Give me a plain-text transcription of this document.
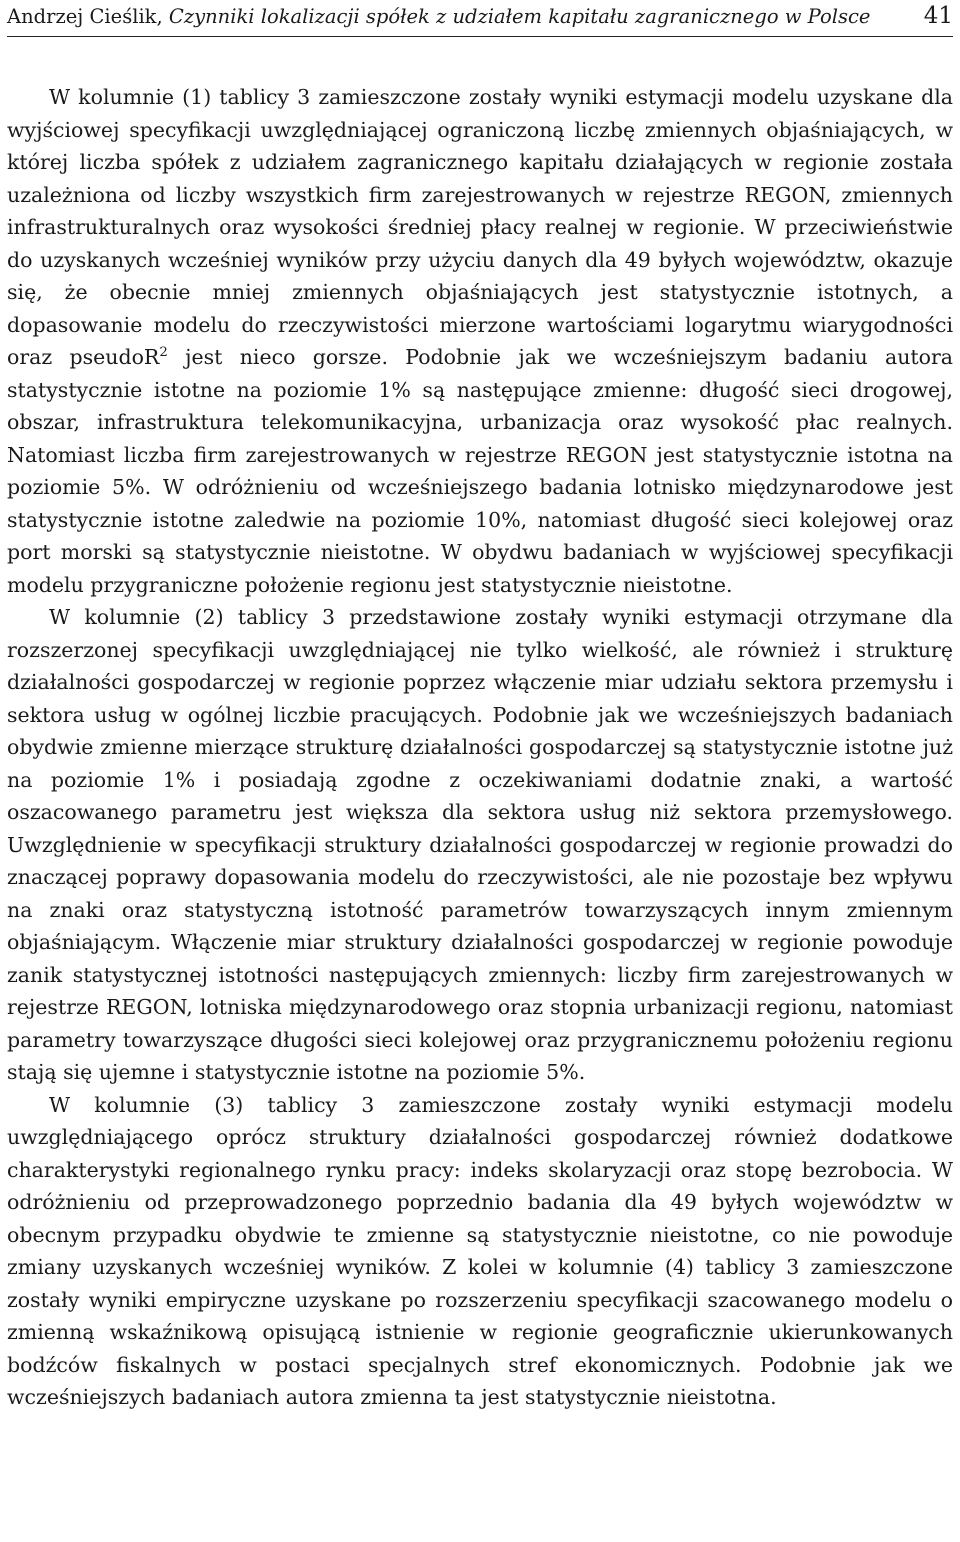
Andrzej Cieślik, Czynniki lokalizacji spółek z udziałem kapitału zagranicznego w Polsce 41

W kolumnie (1) tablicy 3 zamieszczone zostały wyniki estymacji modelu uzyskane dla wyjściowej specyfikacji uwzględniającej ograniczoną liczbę zmiennych objaśniających, w której liczba spółek z udziałem zagranicznego kapitału działających w regionie została uzależniona od liczby wszystkich firm zarejestrowanych w rejestrze REGON, zmiennych infrastrukturalnych oraz wysokości średniej płacy realnej w regionie. W przeciwieństwie do uzyskanych wcześniej wyników przy użyciu danych dla 49 byłych województw, okazuje się, że obecnie mniej zmiennych objaśniających jest statystycznie istotnych, a dopasowanie modelu do rzeczywistości mierzone wartościami logarytmu wiarygodności oraz pseudoR$^2$ jest nieco gorsze. Podobnie jak we wcześniejszym badaniu autora statystycznie istotne na poziomie 1% są następujące zmienne: długość sieci drogowej, obszar, infrastruktura telekomunikacyjna, urbanizacja oraz wysokość płac realnych. Natomiast liczba firm zarejestrowanych w rejestrze REGON jest statystycznie istotna na poziomie 5%. W odróżnieniu od wcześniejszego badania lotnisko międzynarodowe jest statystycznie istotne zaledwie na poziomie 10%, natomiast długość sieci kolejowej oraz port morski są statystycznie nieistotne. W obydwu badaniach w wyjściowej specyfikacji modelu przygraniczne położenie regionu jest statystycznie nieistotne.

W kolumnie (2) tablicy 3 przedstawione zostały wyniki estymacji otrzymane dla rozszerzonej specyfikacji uwzględniającej nie tylko wielkość, ale również i strukturę działalności gospodarczej w regionie poprzez włączenie miar udziału sektora przemysłu i sektora usług w ogólnej liczbie pracujących. Podobnie jak we wcześniejszych badaniach obydwie zmienne mierzące strukturę działalności gospodarczej są statystycznie istotne już na poziomie 1% i posiadają zgodne z oczekiwaniami dodatnie znaki, a wartość oszacowanego parametru jest większa dla sektora usług niż sektora przemysłowego. Uwzględnienie w specyfikacji struktury działalności gospodarczej w regionie prowadzi do znaczącej poprawy dopasowania modelu do rzeczywistości, ale nie pozostaje bez wpływu na znaki oraz statystyczną istotność parametrów towarzyszących innym zmiennym objaśniającym. Włączenie miar struktury działalności gospodarczej w regionie powoduje zanik statystycznej istotności następujących zmiennych: liczby firm zarejestrowanych w rejestrze REGON, lotniska międzynarodowego oraz stopnia urbanizacji regionu, natomiast parametry towarzyszące długości sieci kolejowej oraz przygranicznemu położeniu regionu stają się ujemne i statystycznie istotne na poziomie 5%.

W kolumnie (3) tablicy 3 zamieszczone zostały wyniki estymacji modelu uwzględniającego oprócz struktury działalności gospodarczej również dodatkowe charakterystyki regionalnego rynku pracy: indeks skolaryzacji oraz stopę bezrobocia. W odróżnieniu od przeprowadzonego poprzednio badania dla 49 byłych województw w obecnym przypadku obydwie te zmienne są statystycznie nieistotne, co nie powoduje zmiany uzyskanych wcześniej wyników. Z kolei w kolumnie (4) tablicy 3 zamieszczone zostały wyniki empiryczne uzyskane po rozszerzeniu specyfikacji szacowanego modelu o zmienną wskaźnikową opisującą istnienie w regionie geograficznie ukierunkowanych bodźców fiskalnych w postaci specjalnych stref ekonomicznych. Podobnie jak we wcześniejszych badaniach autora zmienna ta jest statystycznie nieistotna.
